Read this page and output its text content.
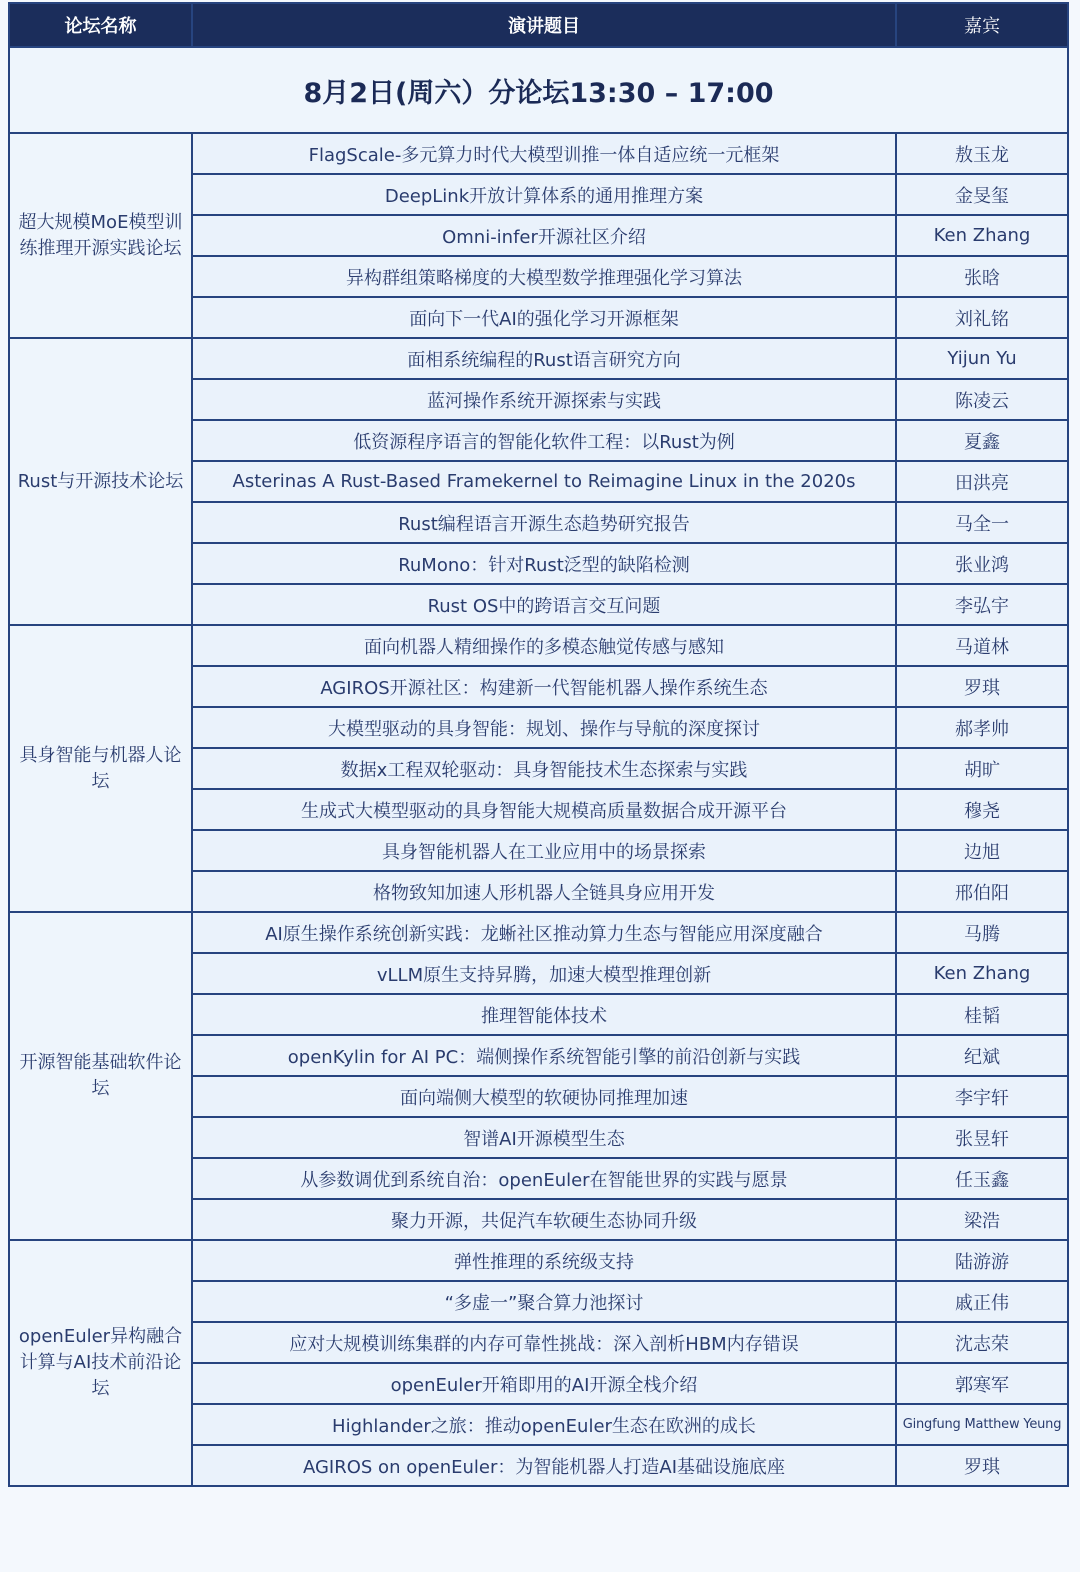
论坛名称	演讲题目	嘉宾
8月2日(周六）分论坛13:30 – 17:00		
超大规模MoE模型训练推理开源实践论坛	FlagScale-多元算力时代大模型训推一体自适应统一元框架	敖玉龙
	DeepLink开放计算体系的通用推理方案	金旻玺
	Omni-infer开源社区介绍	Ken Zhang
	异构群组策略梯度的大模型数学推理强化学习算法	张晗
	面向下一代AI的强化学习开源框架	刘礼铭
Rust与开源技术论坛	面相系统编程的Rust语言研究方向	Yijun Yu
	蓝河操作系统开源探索与实践	陈凌云
	低资源程序语言的智能化软件工程：以Rust为例	夏鑫
	Asterinas A Rust-Based Framekernel to Reimagine Linux in the 2020s	田洪亮
	Rust编程语言开源生态趋势研究报告	马全一
	RuMono：针对Rust泛型的缺陷检测	张业鸿
	Rust OS中的跨语言交互问题	李弘宇
具身智能与机器人论坛	面向机器人精细操作的多模态触觉传感与感知	马道林
	AGIROS开源社区：构建新一代智能机器人操作系统生态	罗琪
	大模型驱动的具身智能：规划、操作与导航的深度探讨	郝孝帅
	数据x工程双轮驱动：具身智能技术生态探索与实践	胡旷
	生成式大模型驱动的具身智能大规模高质量数据合成开源平台	穆尧
	具身智能机器人在工业应用中的场景探索	边旭
	格物致知加速人形机器人全链具身应用开发	邢伯阳
开源智能基础软件论坛	AI原生操作系统创新实践：龙蜥社区推动算力生态与智能应用深度融合	马腾
	vLLM原生支持昇腾，加速大模型推理创新	Ken Zhang
	推理智能体技术	桂韬
	openKylin for AI PC：端侧操作系统智能引擎的前沿创新与实践	纪斌
	面向端侧大模型的软硬协同推理加速	李宇轩
	智谱AI开源模型生态	张昱轩
	从参数调优到系统自治：openEuler在智能世界的实践与愿景	任玉鑫
	聚力开源，共促汽车软硬生态协同升级	梁浩
openEuler异构融合计算与AI技术前沿论坛	弹性推理的系统级支持	陆游游
	“多虚一”聚合算力池探讨	戚正伟
	应对大规模训练集群的内存可靠性挑战：深入剖析HBM内存错误	沈志荣
	openEuler开箱即用的AI开源全栈介绍	郭寒军
	Highlander之旅：推动openEuler生态在欧洲的成长	Gingfung Matthew Yeung
	AGIROS on openEuler：为智能机器人打造AI基础设施底座	罗琪
